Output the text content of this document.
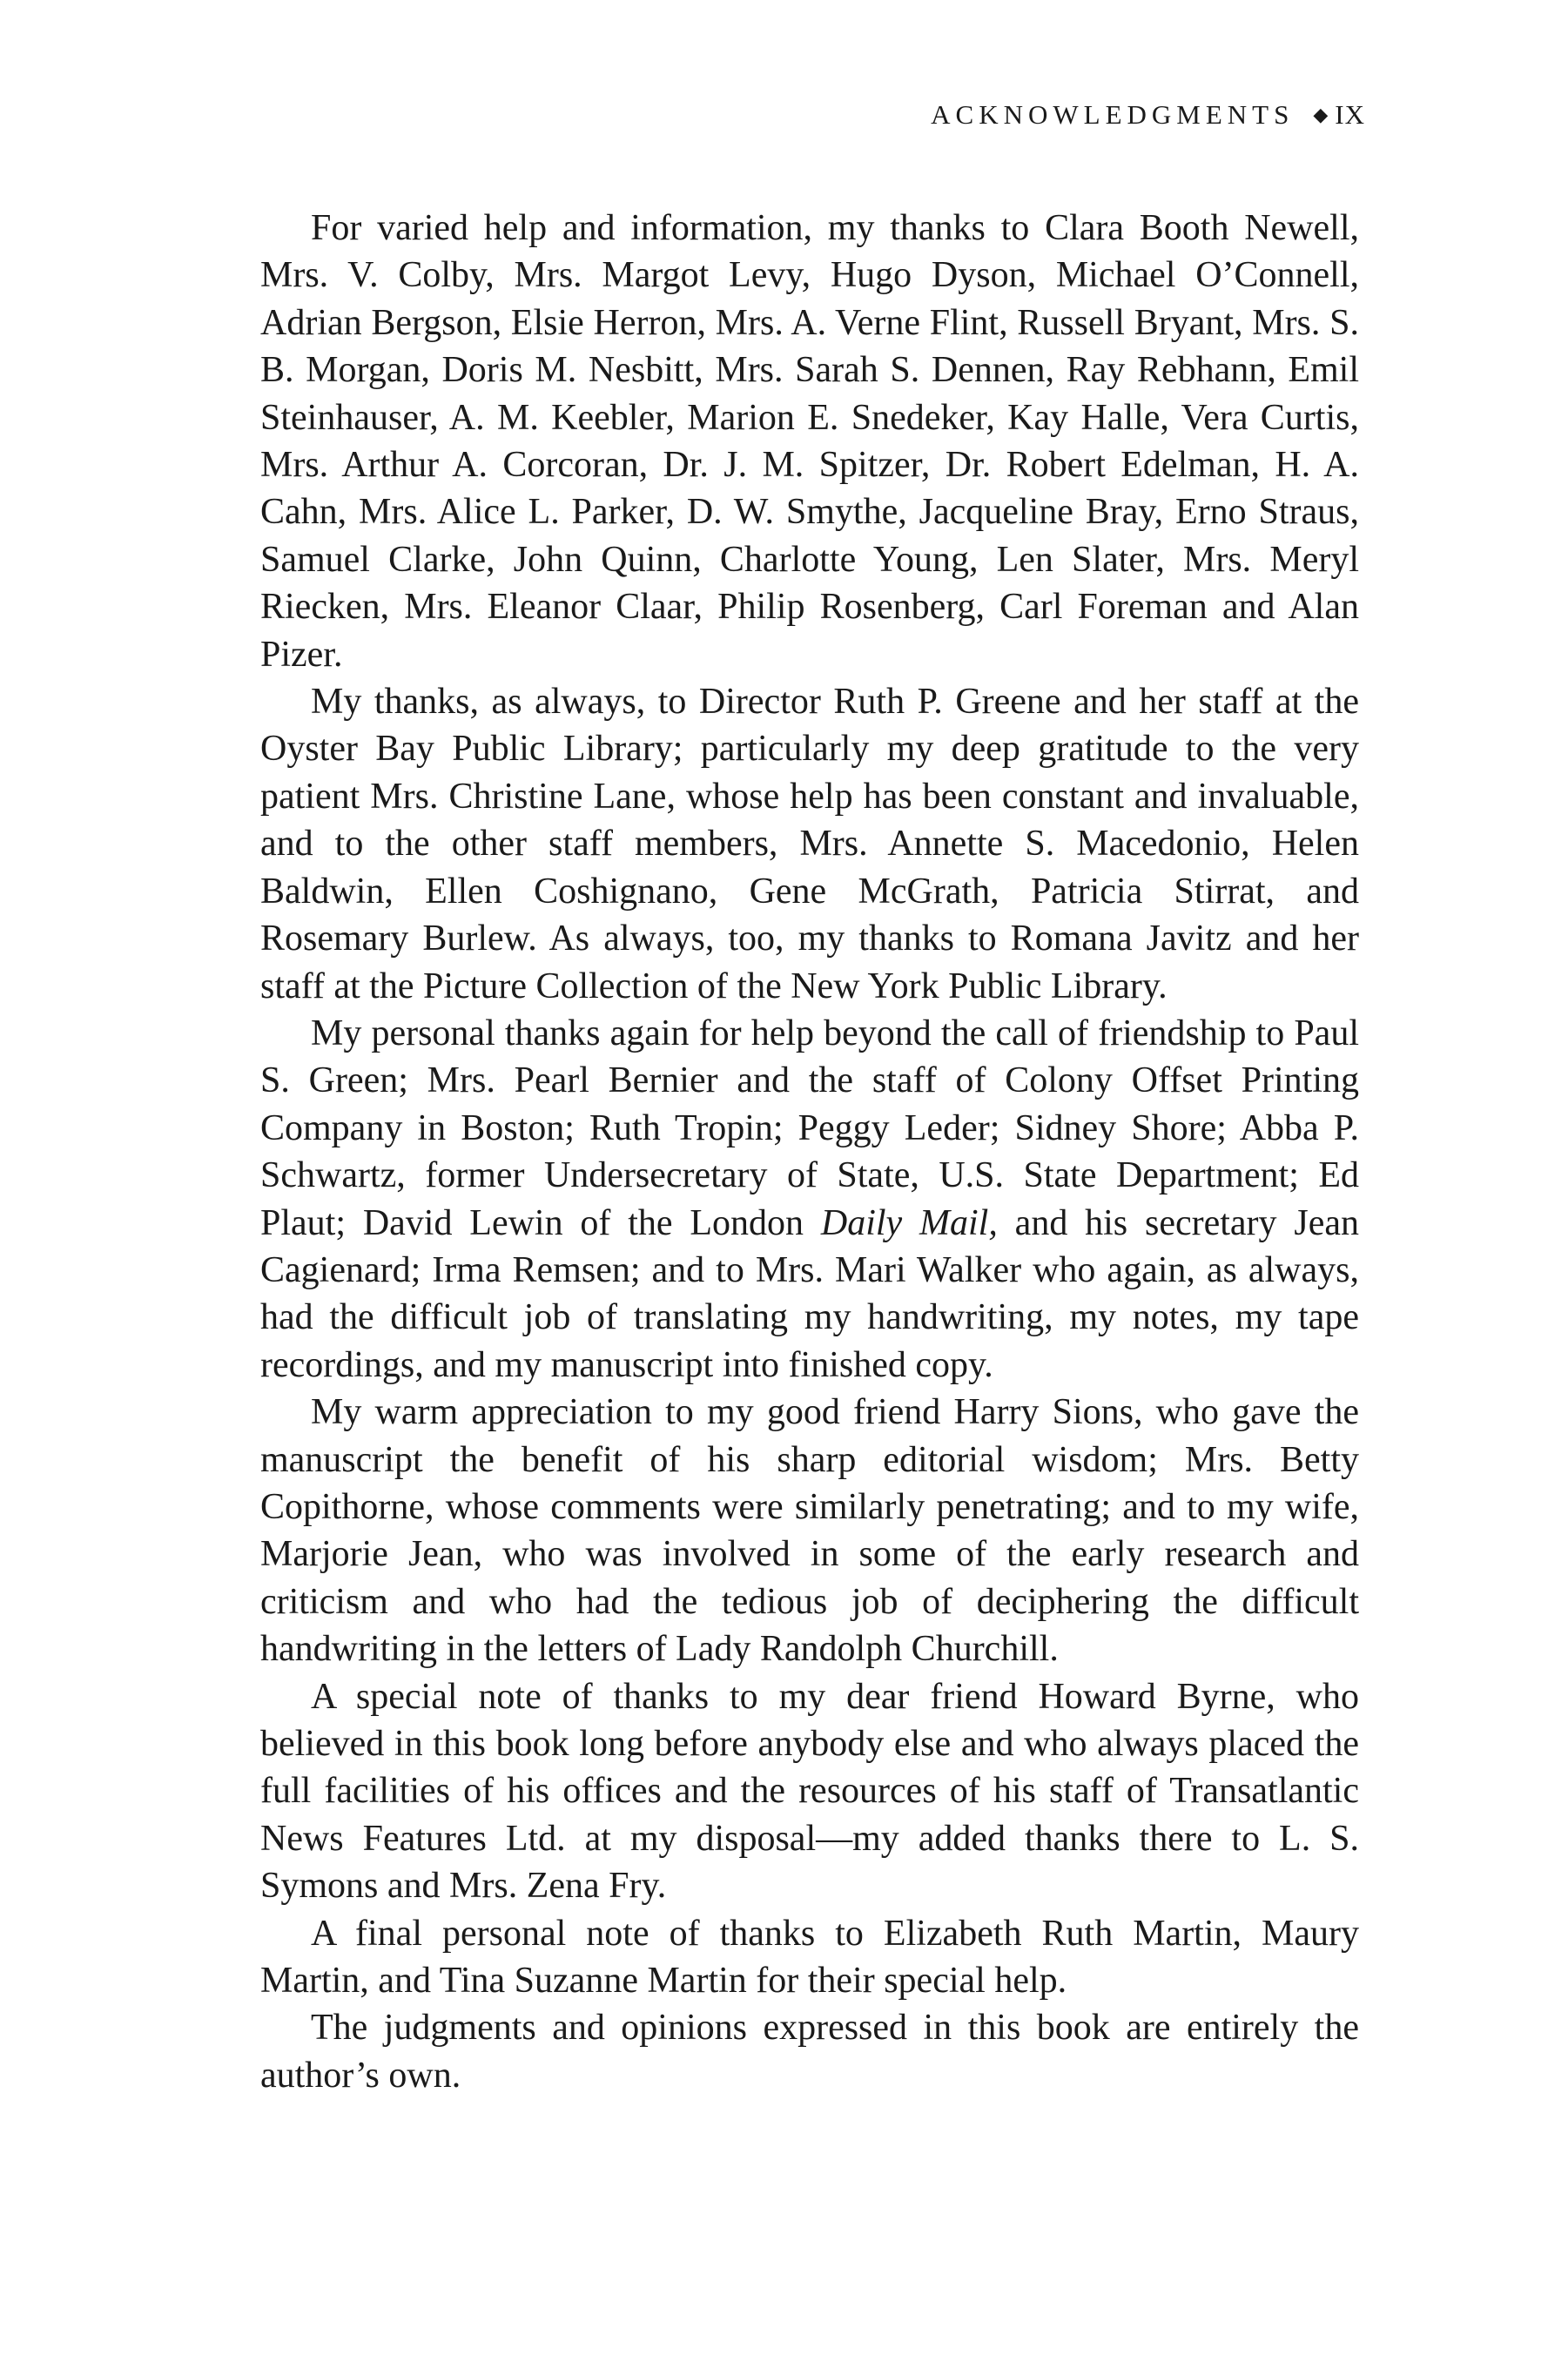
ACKNOWLEDGMENTS ◆ IX

For varied help and information, my thanks to Clara Booth Newell, Mrs. V. Colby, Mrs. Margot Levy, Hugo Dyson, Michael O’Connell, Adrian Bergson, Elsie Herron, Mrs. A. Verne Flint, Russell Bryant, Mrs. S. B. Morgan, Doris M. Nesbitt, Mrs. Sarah S. Dennen, Ray Rebhann, Emil Steinhauser, A. M. Keebler, Marion E. Snedeker, Kay Halle, Vera Curtis, Mrs. Arthur A. Corcoran, Dr. J. M. Spitzer, Dr. Robert Edelman, H. A. Cahn, Mrs. Alice L. Parker, D. W. Smythe, Jacqueline Bray, Erno Straus, Samuel Clarke, John Quinn, Charlotte Young, Len Slater, Mrs. Meryl Riecken, Mrs. Eleanor Claar, Philip Rosenberg, Carl Foreman and Alan Pizer.

My thanks, as always, to Director Ruth P. Greene and her staff at the Oyster Bay Public Library; particularly my deep gratitude to the very patient Mrs. Christine Lane, whose help has been constant and invaluable, and to the other staff members, Mrs. Annette S. Macedonio, Helen Baldwin, Ellen Coshignano, Gene McGrath, Patricia Stirrat, and Rosemary Burlew. As always, too, my thanks to Romana Javitz and her staff at the Picture Collection of the New York Public Library.

My personal thanks again for help beyond the call of friendship to Paul S. Green; Mrs. Pearl Bernier and the staff of Colony Offset Printing Company in Boston; Ruth Tropin; Peggy Leder; Sidney Shore; Abba P. Schwartz, former Undersecretary of State, U.S. State Department; Ed Plaut; David Lewin of the London Daily Mail, and his secretary Jean Cagienard; Irma Remsen; and to Mrs. Mari Walker who again, as always, had the difficult job of translating my handwriting, my notes, my tape recordings, and my manuscript into finished copy.

My warm appreciation to my good friend Harry Sions, who gave the manuscript the benefit of his sharp editorial wisdom; Mrs. Betty Copithorne, whose comments were similarly penetrating; and to my wife, Marjorie Jean, who was involved in some of the early research and criticism and who had the tedious job of deciphering the difficult handwriting in the letters of Lady Randolph Churchill.

A special note of thanks to my dear friend Howard Byrne, who believed in this book long before anybody else and who always placed the full facilities of his offices and the resources of his staff of Transatlantic News Features Ltd. at my disposal—my added thanks there to L. S. Symons and Mrs. Zena Fry.

A final personal note of thanks to Elizabeth Ruth Martin, Maury Martin, and Tina Suzanne Martin for their special help.

The judgments and opinions expressed in this book are entirely the author’s own.
